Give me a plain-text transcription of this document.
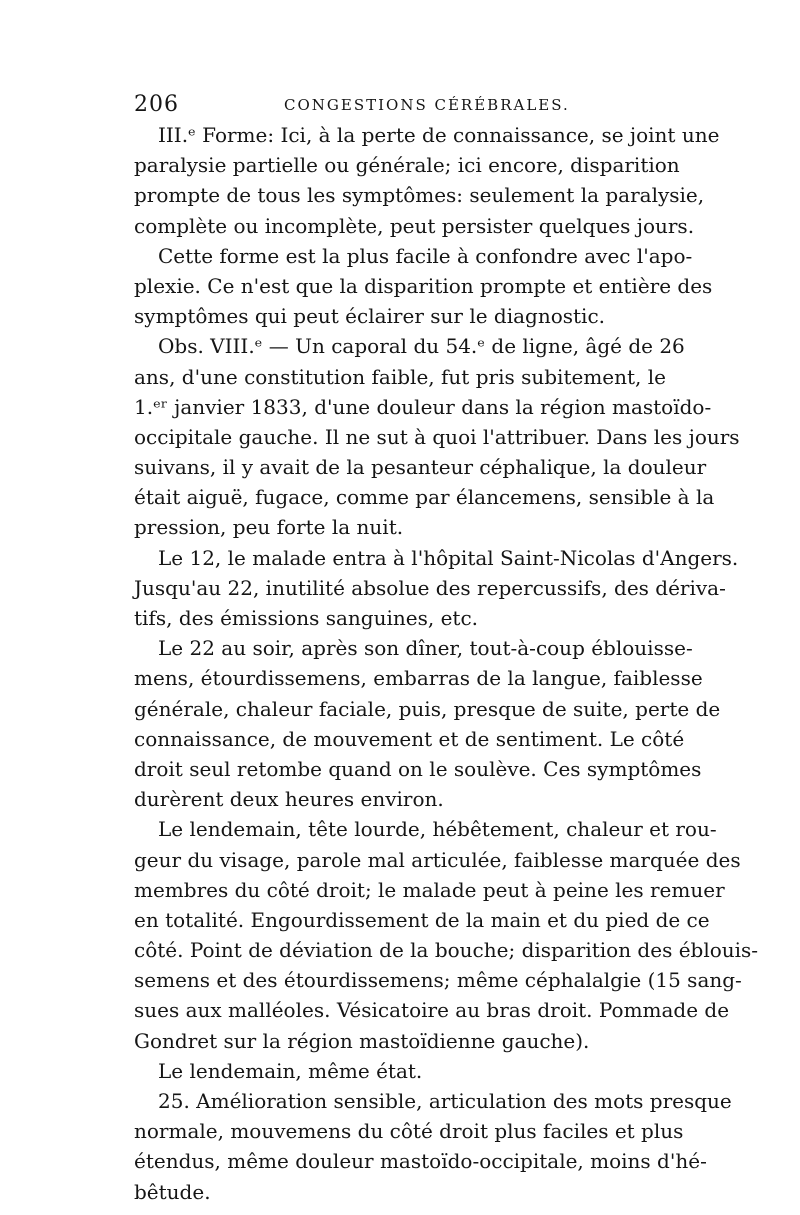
206	CONGESTIONS CÉRÉBRALES.
III.ᵉ Forme: Ici, à la perte de connaissance, se joint une
paralysie partielle ou générale; ici encore, disparition
prompte de tous les symptômes: seulement la paralysie,
complète ou incomplète, peut persister quelques jours.
Cette forme est la plus facile à confondre avec l'apo-
plexie. Ce n'est que la disparition prompte et entière des
symptômes qui peut éclairer sur le diagnostic.
Obs. VIII.ᵉ — Un caporal du 54.ᵉ de ligne, âgé de 26
ans, d'une constitution faible, fut pris subitement, le
1.ᵉʳ janvier 1833, d'une douleur dans la région mastoïdo-
occipitale gauche. Il ne sut à quoi l'attribuer. Dans les jours
suivans, il y avait de la pesanteur céphalique, la douleur
était aiguë, fugace, comme par élancemens, sensible à la
pression, peu forte la nuit.
Le 12, le malade entra à l'hôpital Saint-Nicolas d'Angers.
Jusqu'au 22, inutilité absolue des repercussifs, des dériva-
tifs, des émissions sanguines, etc.
Le 22 au soir, après son dîner, tout-à-coup éblouisse-
mens, étourdissemens, embarras de la langue, faiblesse
générale, chaleur faciale, puis, presque de suite, perte de
connaissance, de mouvement et de sentiment. Le côté
droit seul retombe quand on le soulève. Ces symptômes
durèrent deux heures environ.
Le lendemain, tête lourde, hébêtement, chaleur et rou-
geur du visage, parole mal articulée, faiblesse marquée des
membres du côté droit; le malade peut à peine les remuer
en totalité. Engourdissement de la main et du pied de ce
côté. Point de déviation de la bouche; disparition des éblouis-
semens et des étourdissemens; même céphalalgie (15 sang-
sues aux malléoles. Vésicatoire au bras droit. Pommade de
Gondret sur la région mastoïdienne gauche).
Le lendemain, même état.
25. Amélioration sensible, articulation des mots presque
normale, mouvemens du côté droit plus faciles et plus
étendus, même douleur mastoïdo-occipitale, moins d'hé-
bêtude.
